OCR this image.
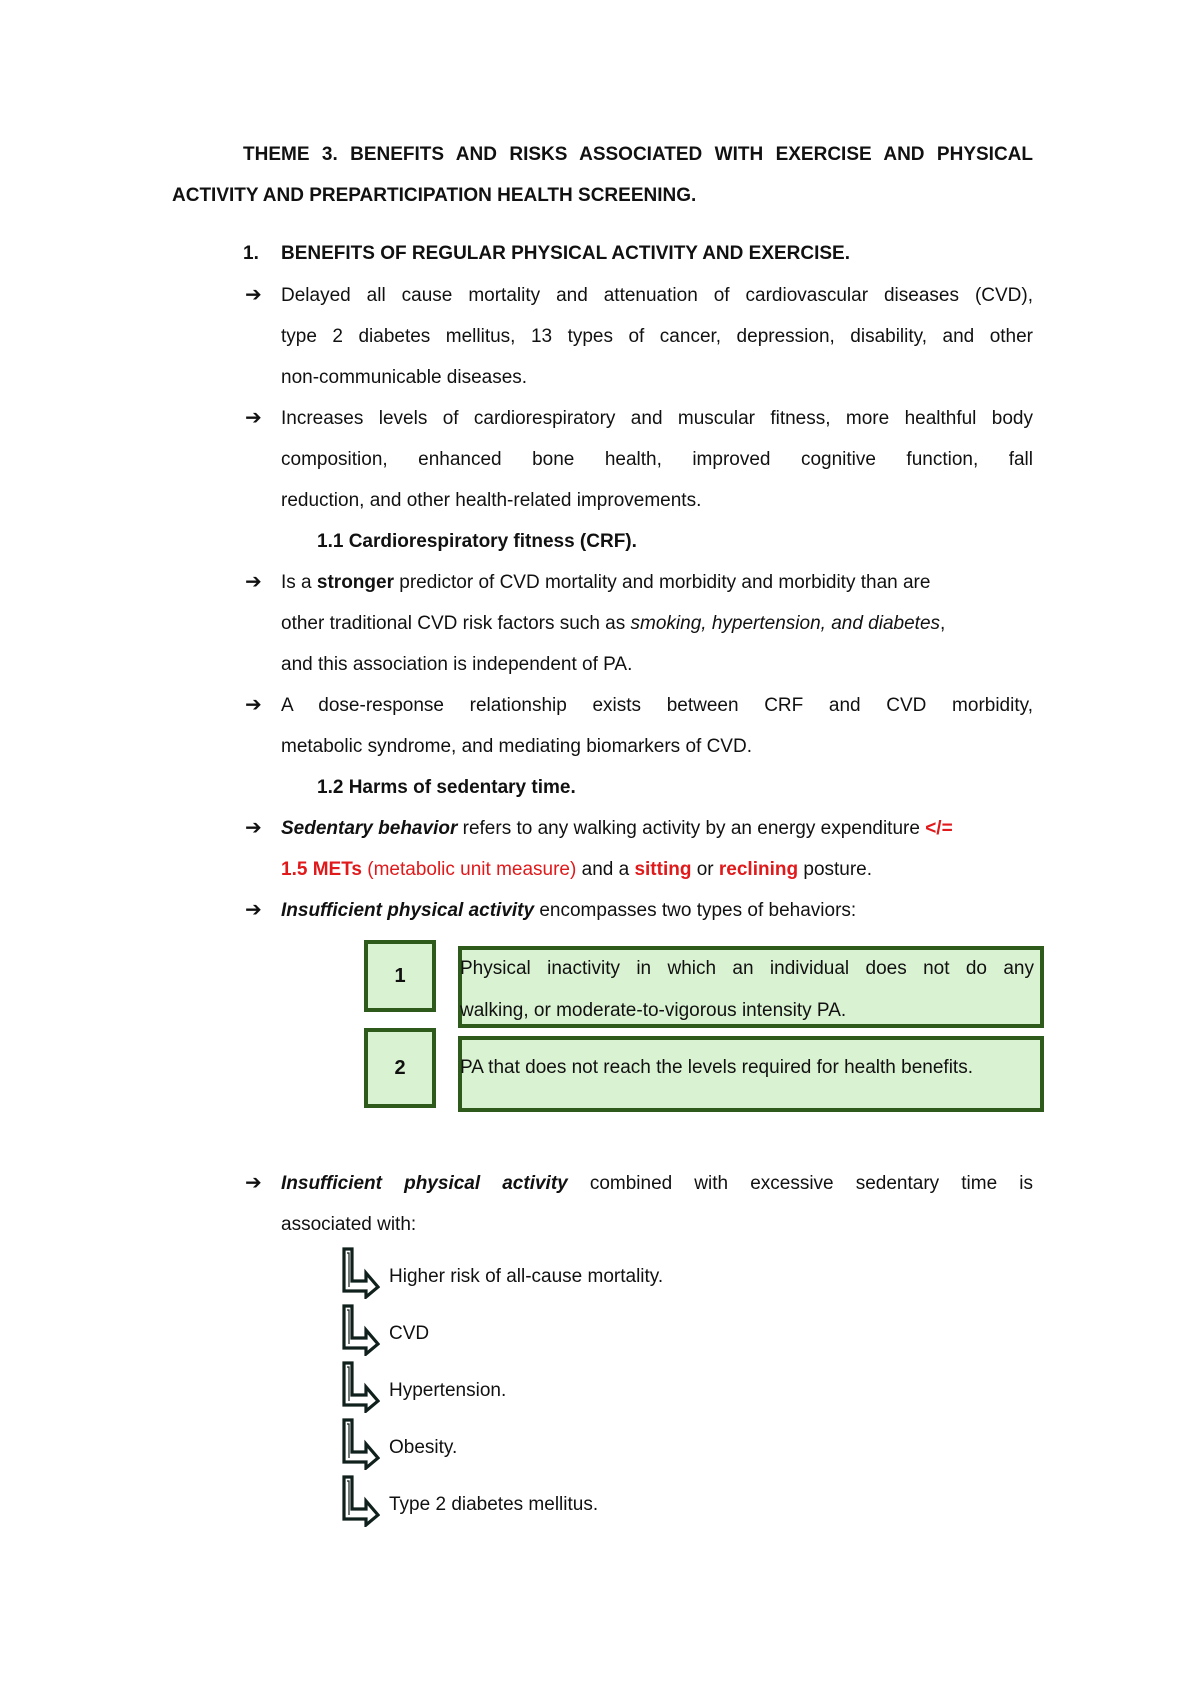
THEME 3. BENEFITS AND RISKS ASSOCIATED WITH EXERCISE AND PHYSICAL
ACTIVITY AND PREPARTICIPATION HEALTH SCREENING.
1. BENEFITS OF REGULAR PHYSICAL ACTIVITY AND EXERCISE.
➔ Delayed all cause mortality and attenuation of cardiovascular diseases (CVD),
type 2 diabetes mellitus, 13 types of cancer, depression, disability, and other
non-communicable diseases.
➔ Increases levels of cardiorespiratory and muscular fitness, more healthful body
composition, enhanced bone health, improved cognitive function, fall
reduction, and other health-related improvements.
1.1 Cardiorespiratory fitness (CRF).
➔ Is a stronger predictor of CVD mortality and morbidity and morbidity than are
other traditional CVD risk factors such as smoking, hypertension, and diabetes,
and this association is independent of PA.
➔ A dose-response relationship exists between CRF and CVD morbidity,
metabolic syndrome, and mediating biomarkers of CVD.
1.2 Harms of sedentary time.
➔ Sedentary behavior refers to any walking activity by an energy expenditure </=
1.5 METs (metabolic unit measure) and a sitting or reclining posture.
➔ Insufficient physical activity encompasses two types of behaviors:
1	Physical inactivity in which an individual does not do any
walking, or moderate-to-vigorous intensity PA.
2	PA that does not reach the levels required for health benefits.
➔ Insufficient physical activity combined with excessive sedentary time is
associated with:
Higher risk of all-cause mortality.
CVD
Hypertension.
Obesity.
Type 2 diabetes mellitus.
